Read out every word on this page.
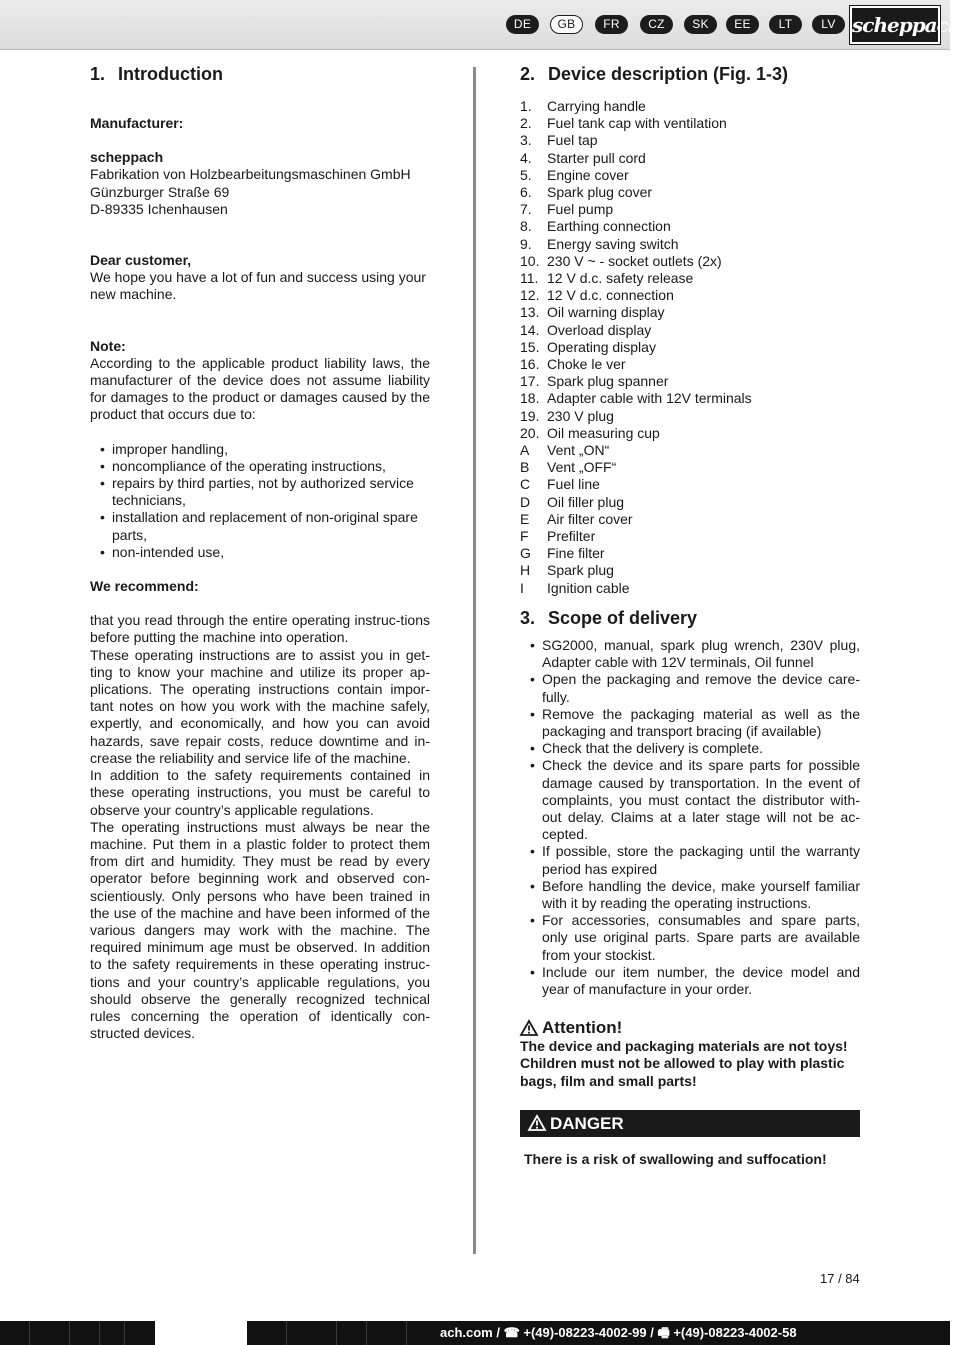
DE	GB	FR	CZ	SK	EE	LT	LV scheppach
1. Introduction
Manufacturer:
scheppach
Fabrikation von Holzbearbeitungsmaschinen GmbH
Günzburger Straße 69
D-89335 Ichenhausen
Dear customer,
We hope you have a lot of fun and success using your new machine.
Note:
According to the applicable product liability laws, the manufacturer of the device does not assume liability for damages to the product or damages caused by the product that occurs due to:
• improper handling,
• noncompliance of the operating instructions,
• repairs by third parties, not by authorized service technicians,
• installation and replacement of non-original spare parts,
• non-intended use,
We recommend:
that you read through the entire operating instruc-tions before putting the machine into operation.
These operating instructions are to assist you in get-ting to know your machine and utilize its proper ap-plications. The operating instructions contain impor-tant notes on how you work with the machine safely, expertly, and economically, and how you can avoid hazards, save repair costs, reduce downtime and in-crease the reliability and service life of the machine.
In addition to the safety requirements contained in these operating instructions, you must be careful to observe your country’s applicable regulations.
The operating instructions must always be near the machine. Put them in a plastic folder to protect them from dirt and humidity. They must be read by every operator before beginning work and observed con-scientiously. Only persons who have been trained in the use of the machine and have been informed of the various dangers may work with the machine. The required minimum age must be observed. In addition to the safety requirements in these operating instruc-tions and your country’s applicable regulations, you should observe the generally recognized technical rules concerning the operation of identically con-structed devices.
2. Device description (Fig. 1-3)
1.	Carrying handle
2.	Fuel tank cap with ventilation
3.	Fuel tap
4.	Starter pull cord
5.	Engine cover
6.	Spark plug cover
7.	Fuel pump
8.	Earthing connection
9.	Energy saving switch
10. 230 V ~ - socket outlets (2x)
11. 12 V d.c. safety release
12. 12 V d.c. connection
13. Oil warning display
14. Overload display
15. Operating display
16. Choke le ver
17. Spark plug spanner
18. Adapter cable with 12V terminals
19. 230 V plug
20. Oil measuring cup
A	Vent „ON“
B	Vent „OFF“
C	Fuel line
D	Oil filler plug
E	Air filter cover
F	Prefilter
G	Fine filter
H	Spark plug
I	Ignition cable
3. Scope of delivery
• SG2000, manual, spark plug wrench, 230V plug, Adapter cable with 12V terminals, Oil funnel
• Open the packaging and remove the device care-fully.
• Remove the packaging material as well as the packaging and transport bracing (if available)
• Check that the delivery is complete.
• Check the device and its spare parts for possible damage caused by transportation. In the event of complaints, you must contact the distributor with-out delay. Claims at a later stage will not be ac-cepted.
• If possible, store the packaging until the warranty period has expired
• Before handling the device, make yourself familiar with it by reading the operating instructions.
• For accessories, consumables and spare parts, only use original parts. Spare parts are available from your stockist.
• Include our item number, the device model and year of manufacture in your order.
Attention!
The device and packaging materials are not toys! Children must not be allowed to play with plastic bags, film and small parts!
DANGER
There is a risk of swallowing and suffocation!
17 / 84
ach.com / ☎ +(49)-08223-4002-99 / 🖷 +(49)-08223-4002-58
